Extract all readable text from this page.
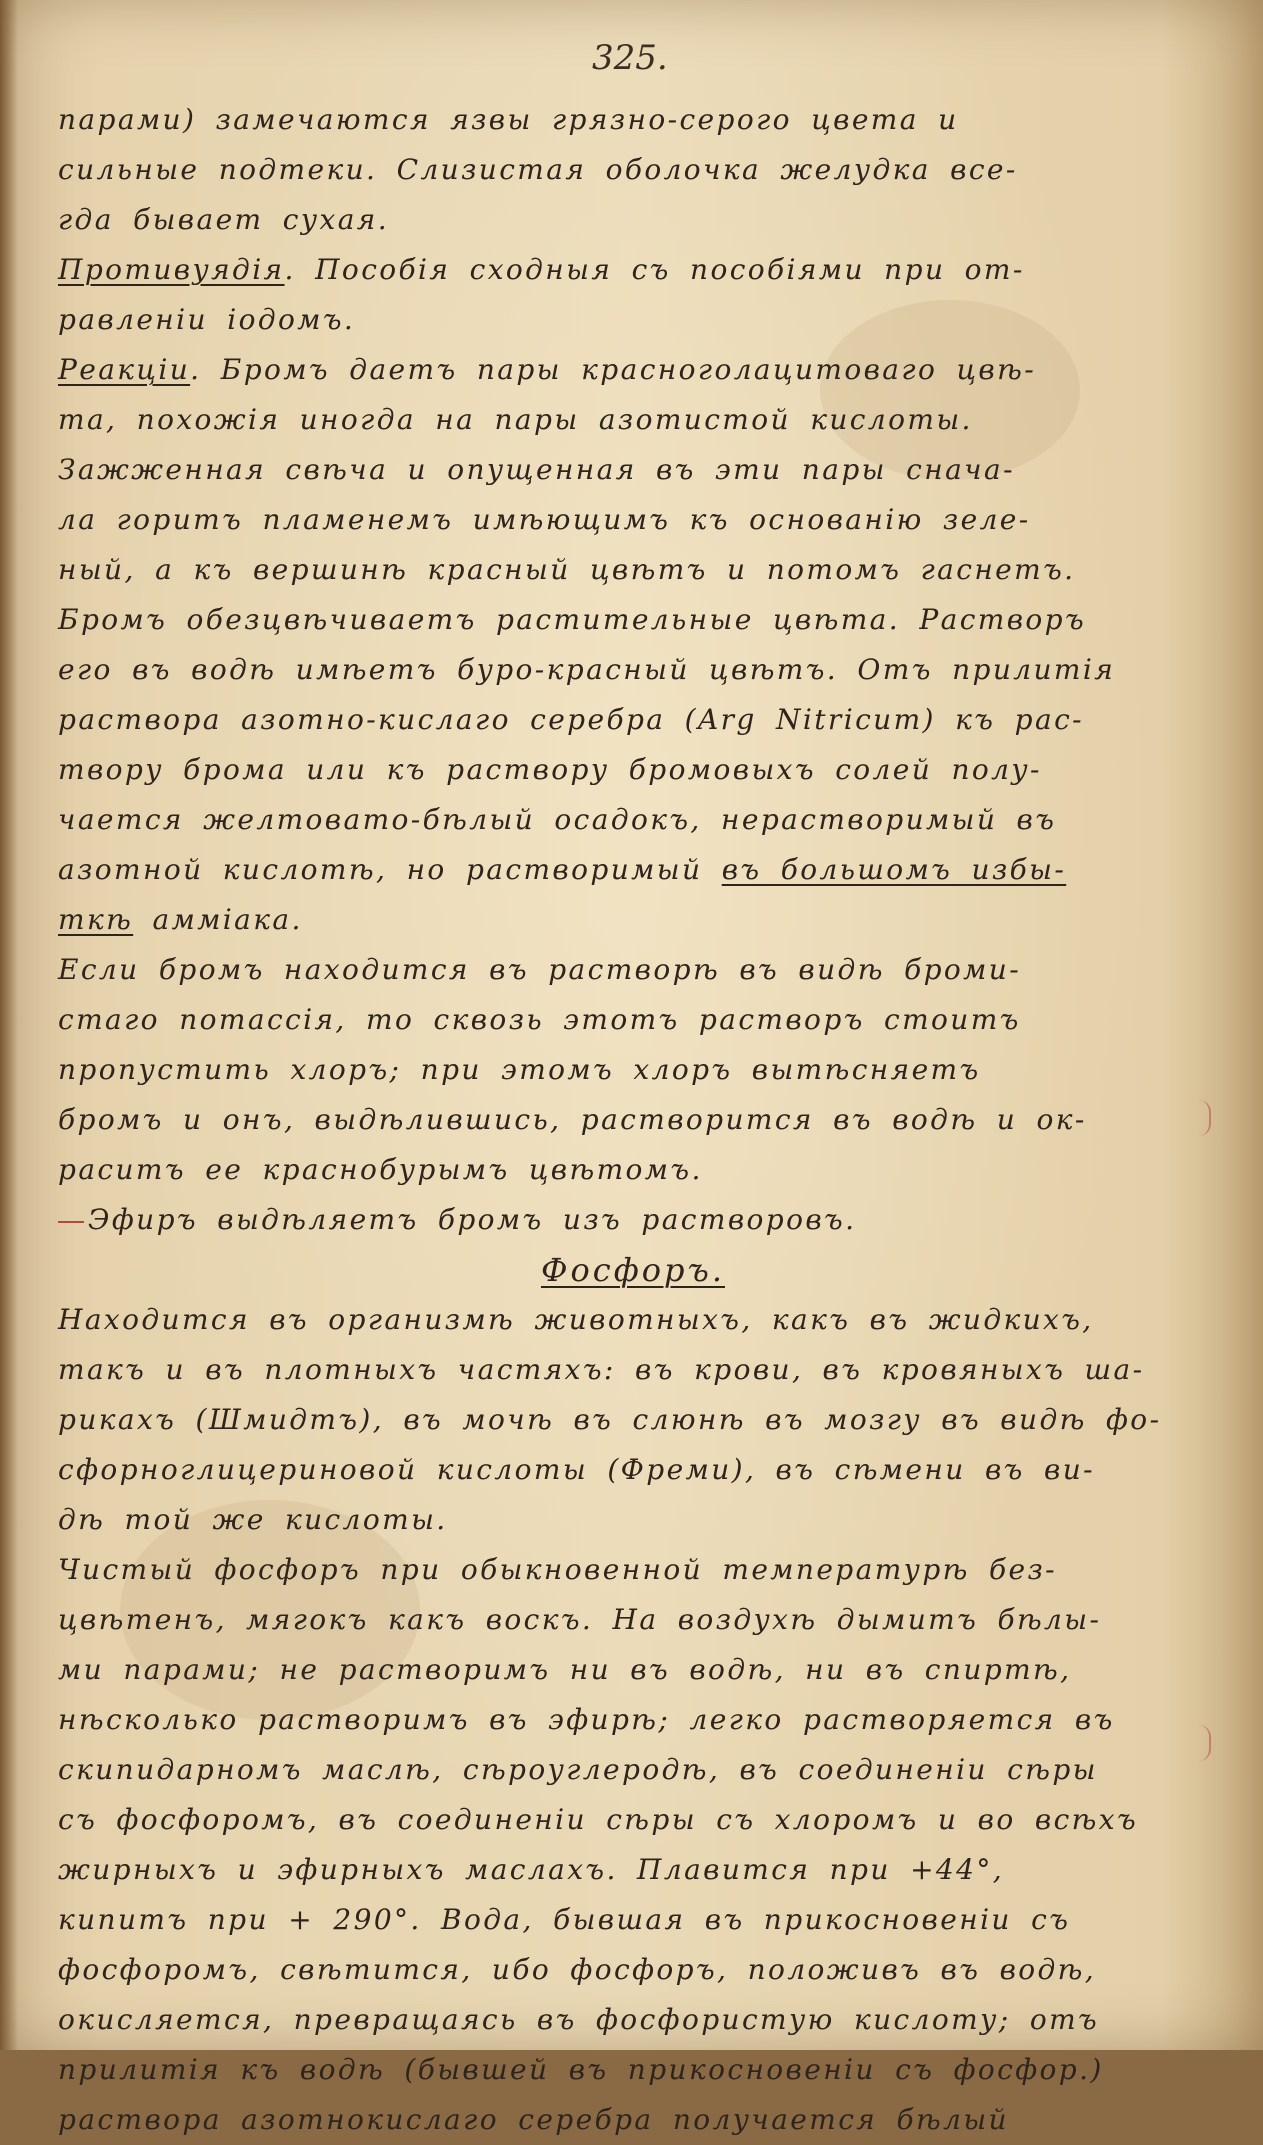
325.
парами) замечаются язвы грязно-серого цвета и
сильные подтеки. Слизистая оболочка желудка все-
гда бывает сухая.
Противуядія. Пособія сходныя съ пособіями при от-
равленіи іодомъ.
Реакціи. Бромъ даетъ пары красноголацитоваго цвѣ-
та, похожія иногда на пары азотистой кислоты.
Зажженная свѣча и опущенная въ эти пары снача-
ла горитъ пламенемъ имѣющимъ къ основанію зеле-
ный, а къ вершинѣ красный цвѣтъ и потомъ гаснетъ.
Бромъ обезцвѣчиваетъ растительные цвѣта. Растворъ
его въ водѣ имѣетъ буро-красный цвѣтъ. Отъ прилитія
раствора азотно-кислаго серебра (Arg Nitricum) къ рас-
твору брома или къ раствору бромовыхъ солей полу-
чается желтовато-бѣлый осадокъ, нерастворимый въ
азотной кислотѣ, но растворимый въ большомъ избы-
ткѣ аммiака.
Если бромъ находится въ растворѣ въ видѣ броми-
стаго потассія, то сквозь этотъ растворъ стоитъ
пропустить хлоръ; при этомъ хлоръ вытѣсняетъ
бромъ и онъ, выдѣлившись, растворится въ водѣ и ок-
раситъ ее краснобурымъ цвѣтомъ.
Эфиръ выдѣляетъ бромъ изъ растворовъ.
Фосфоръ.
Находится въ организмѣ животныхъ, какъ въ жидкихъ,
такъ и въ плотныхъ частяхъ: въ крови, въ кровяныхъ ша-
рикахъ (Шмидтъ), въ мочѣ въ слюнѣ въ мозгу въ видѣ фо-
сфорноглицериновой кислоты (Фреми), въ сѣмени въ ви-
дѣ той же кислоты.
Чистый фосфоръ при обыкновенной температурѣ без-
цвѣтенъ, мягокъ какъ воскъ. На воздухѣ дымитъ бѣлы-
ми парами; не растворимъ ни въ водѣ, ни въ спиртѣ,
нѣсколько растворимъ въ эфирѣ; легко растворяется въ
скипидарномъ маслѣ, сѣроуглеродѣ, въ соединеніи сѣры
съ фосфоромъ, въ соединеніи сѣры съ хлоромъ и во всѣхъ
жирныхъ и эфирныхъ маслахъ. Плавится при +44°,
кипитъ при + 290°. Вода, бывшая въ прикосновеніи съ
фосфоромъ, свѣтится, ибо фосфоръ, положивъ въ водѣ,
окисляется, превращаясь въ фосфористую кислоту; отъ
прилитія къ водѣ (бывшей въ прикосновеніи съ фосфор.)
раствора азотнокислаго серебра получается бѣлый
